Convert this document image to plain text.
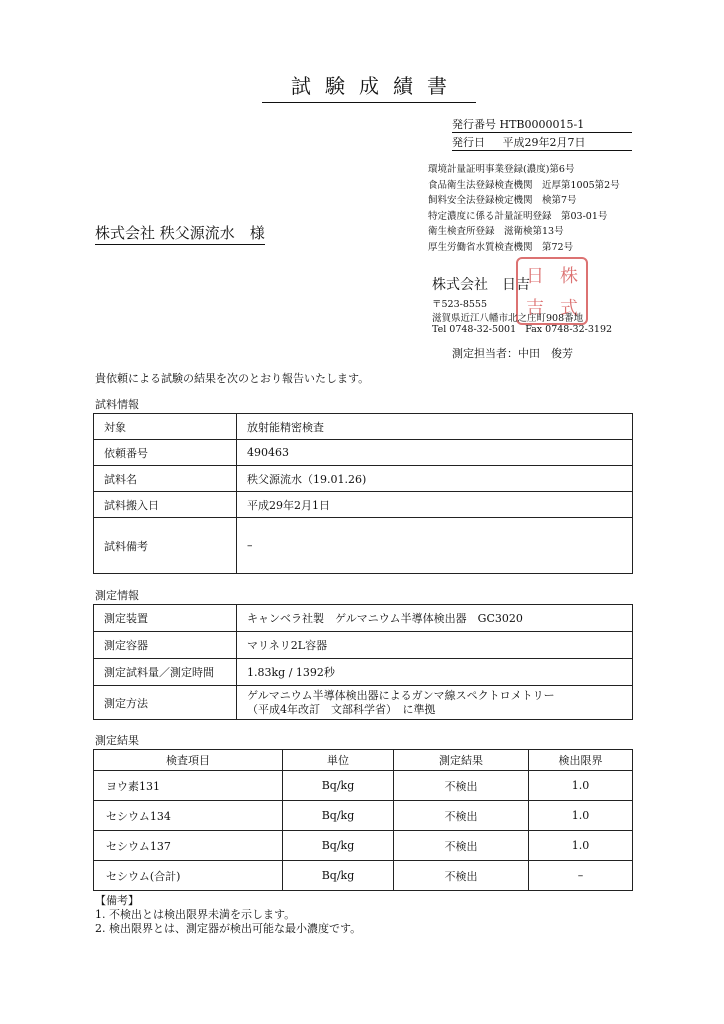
試験成績書
発行番号 HTB0000015-1
発行日 平成29年2月7日
環境計量証明事業登録(濃度)第6号
食品衛生法登録検査機関　近厚第1005第2号
飼料安全法登録検定機関　検第7号
特定濃度に係る計量証明登録　第03-01号
衛生検査所登録　滋衛検第13号
厚生労働省水質検査機関　第72号
株式会社 秩父源流水　様
株式会社　日吉
日 株
吉 式
〒523-8555
滋賀県近江八幡市北之庄町908番地
Tel 0748-32-5001 Fax 0748-32-3192
測定担当者：中田　俊芳
貴依頼による試験の結果を次のとおり報告いたします。
試料情報
対象	放射能精密検査
依頼番号	490463
試料名	秩父源流水（19.01.26)
試料搬入日	平成29年2月1日
試料備考	–
測定情報
測定装置	キャンベラ社製　ゲルマニウム半導体検出器　GC3020
測定容器	マリネリ2L容器
測定試料量／測定時間	1.83kg / 1392秒
測定方法	ゲルマニウム半導体検出器によるガンマ線スペクトロメトリー
（平成4年改訂　文部科学省）　に準拠
測定結果
検査項目	単位	測定結果	検出限界
ヨウ素131	Bq/kg	不検出	1.0
セシウム134	Bq/kg	不検出	1.0
セシウム137	Bq/kg	不検出	1.0
セシウム(合計)	Bq/kg	不検出	–
【備考】
1. 不検出とは検出限界未満を示します。
2. 検出限界とは、測定器が検出可能な最小濃度です。
